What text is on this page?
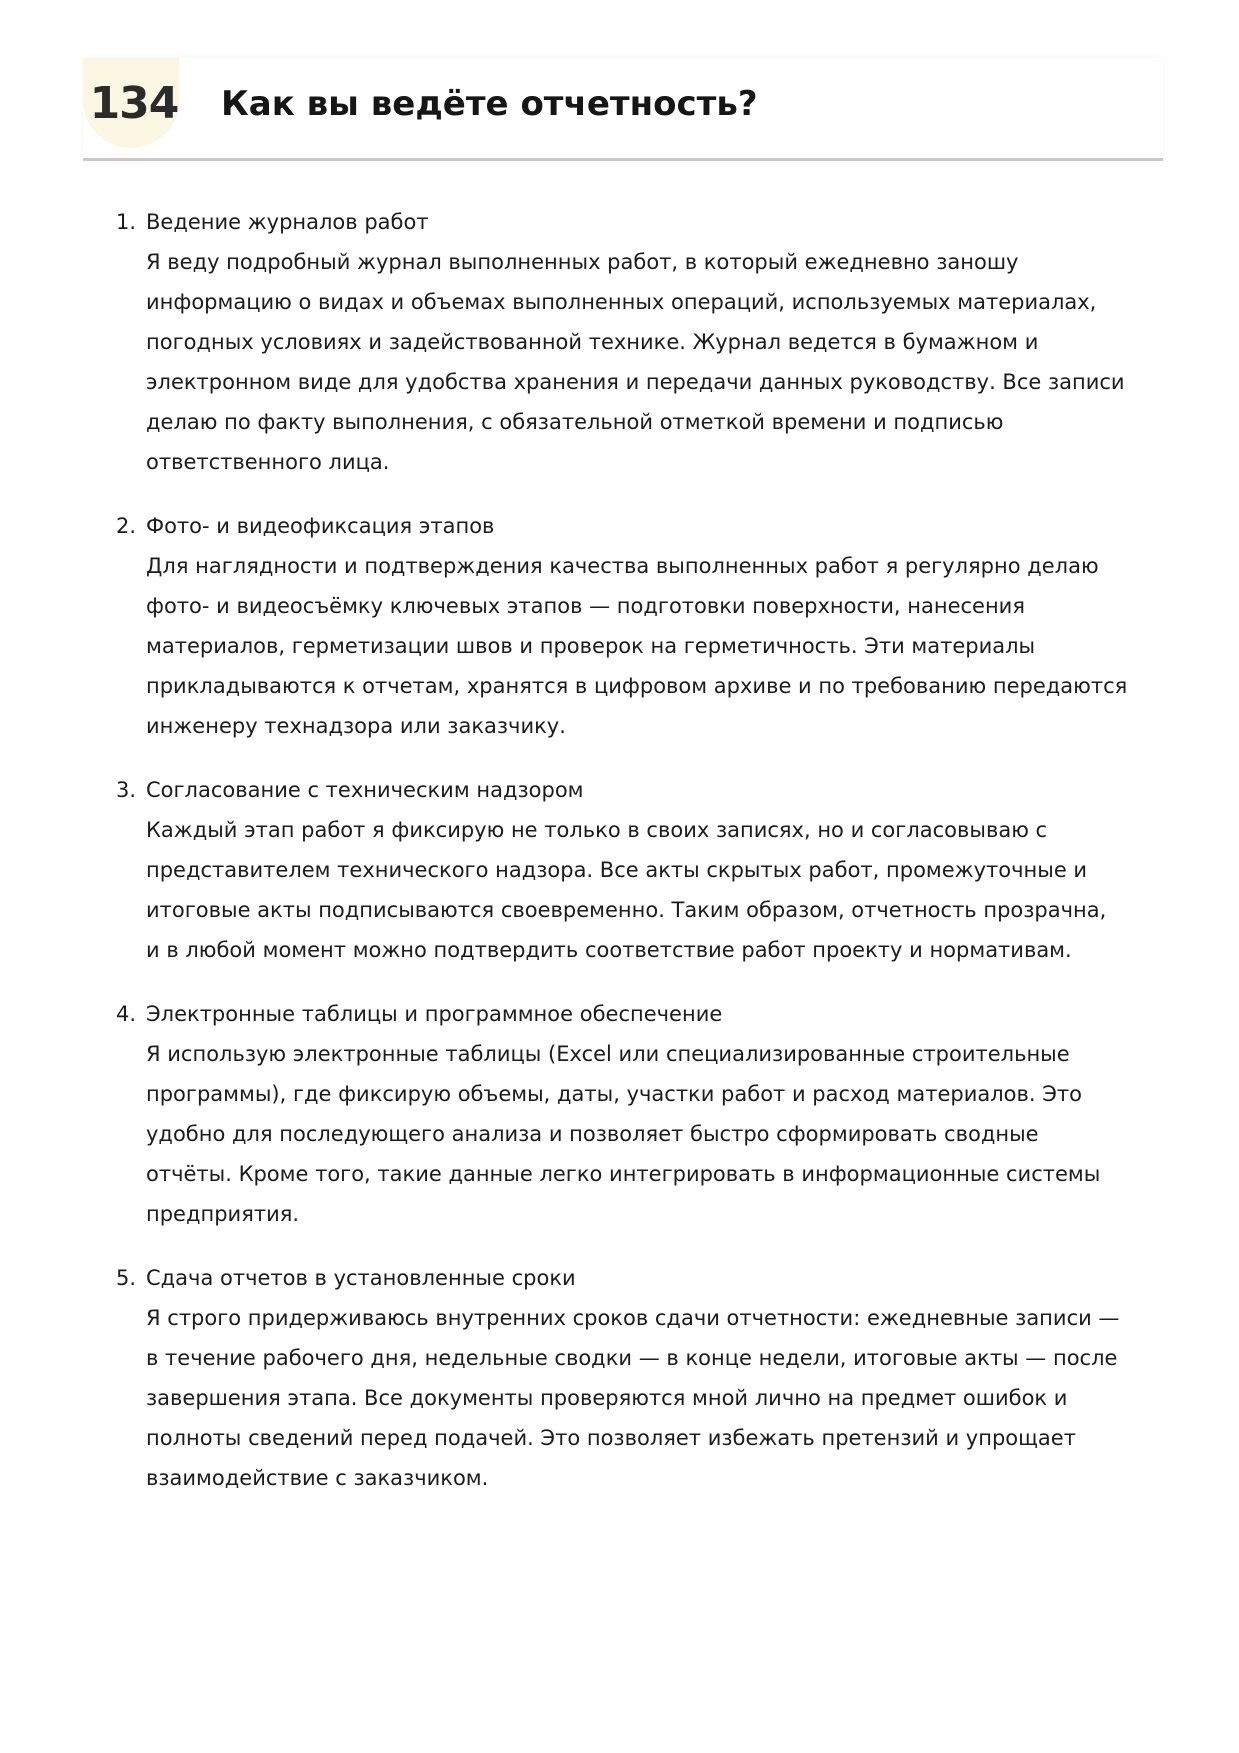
134 Как вы ведёте отчетность?
1. Ведение журналов работ
Я веду подробный журнал выполненных работ, в который ежедневно заношу
информацию о видах и объемах выполненных операций, используемых материалах,
погодных условиях и задействованной технике. Журнал ведется в бумажном и
электронном виде для удобства хранения и передачи данных руководству. Все записи
делаю по факту выполнения, с обязательной отметкой времени и подписью
ответственного лица.
2. Фото- и видеофиксация этапов
Для наглядности и подтверждения качества выполненных работ я регулярно делаю
фото- и видеосъёмку ключевых этапов — подготовки поверхности, нанесения
материалов, герметизации швов и проверок на герметичность. Эти материалы
прикладываются к отчетам, хранятся в цифровом архиве и по требованию передаются
инженеру технадзора или заказчику.
3. Согласование с техническим надзором
Каждый этап работ я фиксирую не только в своих записях, но и согласовываю с
представителем технического надзора. Все акты скрытых работ, промежуточные и
итоговые акты подписываются своевременно. Таким образом, отчетность прозрачна,
и в любой момент можно подтвердить соответствие работ проекту и нормативам.
4. Электронные таблицы и программное обеспечение
Я использую электронные таблицы (Excel или специализированные строительные
программы), где фиксирую объемы, даты, участки работ и расход материалов. Это
удобно для последующего анализа и позволяет быстро сформировать сводные
отчёты. Кроме того, такие данные легко интегрировать в информационные системы
предприятия.
5. Сдача отчетов в установленные сроки
Я строго придерживаюсь внутренних сроков сдачи отчетности: ежедневные записи —
в течение рабочего дня, недельные сводки — в конце недели, итоговые акты — после
завершения этапа. Все документы проверяются мной лично на предмет ошибок и
полноты сведений перед подачей. Это позволяет избежать претензий и упрощает
взаимодействие с заказчиком.
